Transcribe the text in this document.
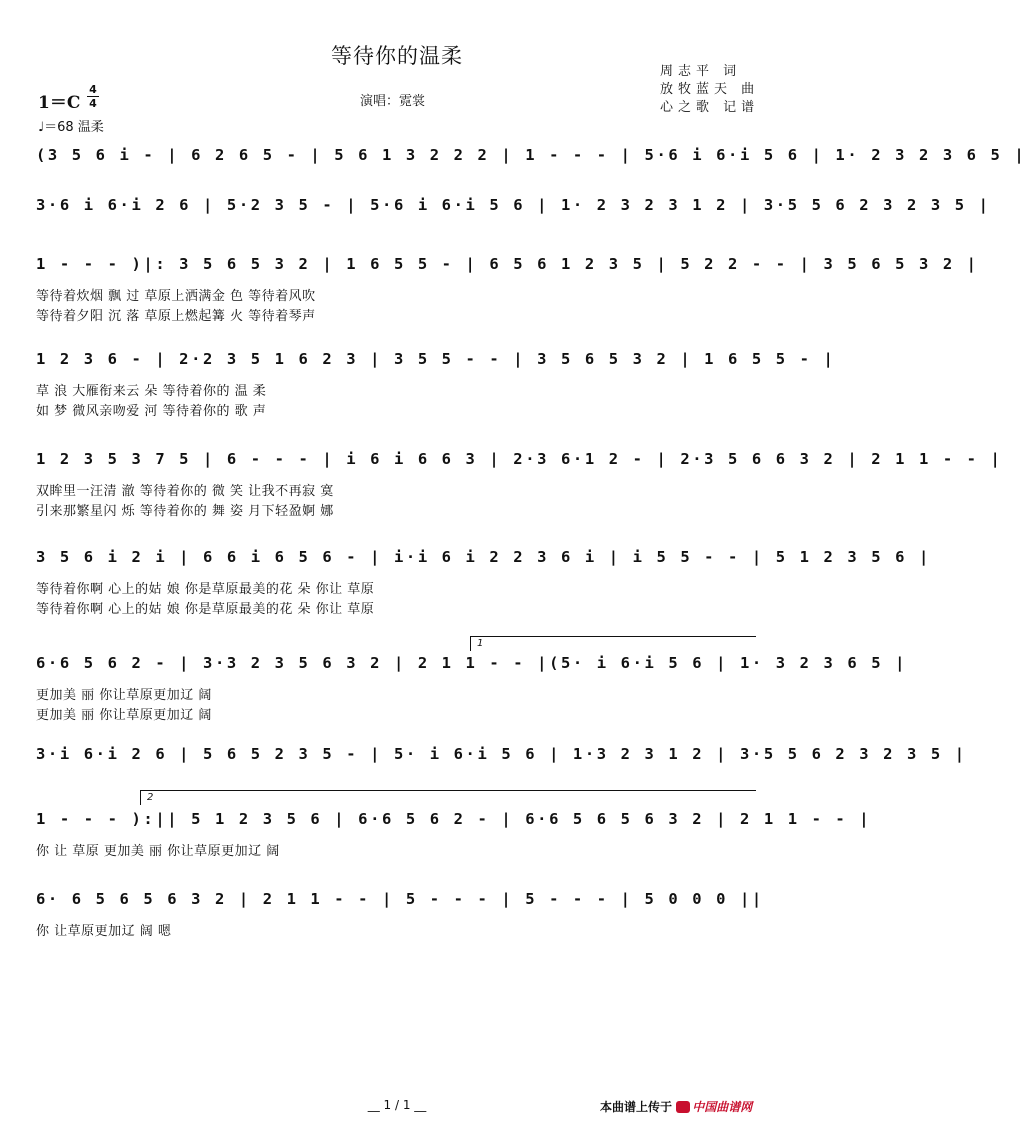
等待你的温柔
周志平 词
放牧蓝天 曲
心之歌 记谱
演唱：霓裳
1＝C
4
4
♩＝68 温柔
(3 5 6 i - | 6 2 6 5 - | 5 6 1 3 2 2 2 | 1 - - - | 5·6 i 6·i 5 6 | 1· 2 3 2 3 6 5 |
3·6 i 6·i 2 6 | 5·2 3 5 - | 5·6 i 6·i 5 6 | 1· 2 3 2 3 1 2 | 3·5 5 6 2 3 2 3 5 |
1 - - - )|: 3 5 6 5 3 2 | 1 6 5 5 - | 6 5 6 1 2 3 5 | 5 2 2 - - | 3 5 6 5 3 2 |
等待着炊烟 飘 过 草原上洒满金 色 等待着风吹
等待着夕阳 沉 落 草原上燃起篝 火 等待着琴声
1 2 3 6 - | 2·2 3 5 1 6 2 3 | 3 5 5 - - | 3 5 6 5 3 2 | 1 6 5 5 - |
草 浪 大雁衔来云 朵 等待着你的 温 柔
如 梦 微风亲吻爱 河 等待着你的 歌 声
1 2 3 5 3 7 5 | 6 - - - | i 6 i 6 6 3 | 2·3 6·1 2 - | 2·3 5 6 6 3 2 | 2 1 1 - - |
双眸里一汪清 澈 等待着你的 微 笑 让我不再寂 寞
引来那繁星闪 烁 等待着你的 舞 姿 月下轻盈婀 娜
3 5 6 i 2 i | 6 6 i 6 5 6 - | i·i 6 i 2 2 3 6 i | i 5 5 - - | 5 1 2 3 5 6 |
等待着你啊 心上的姑 娘 你是草原最美的花 朵 你让 草原
等待着你啊 心上的姑 娘 你是草原最美的花 朵 你让 草原
6·6 5 6 2 - | 3·3 2 3 5 6 3 2 | 2 1 1 - - |(5· i 6·i 5 6 | 1· 3 2 3 6 5 |
更加美 丽 你让草原更加辽 阔
更加美 丽 你让草原更加辽 阔
3·i 6·i 2 6 | 5 6 5 2 3 5 - | 5· i 6·i 5 6 | 1·3 2 3 1 2 | 3·5 5 6 2 3 2 3 5 |
1 - - - ):|| 5 1 2 3 5 6 | 6·6 5 6 2 - | 6·6 5 6 5 6 3 2 | 2 1 1 - - |
你 让 草原 更加美 丽 你让草原更加辽 阔
6· 6 5 6 5 6 3 2 | 2 1 1 - - | 5 - - - | 5 - - - | 5 0 0 0 ||
你 让草原更加辽 阔 嗯
1
2
__ 1 / 1 __	本曲谱上传于 中国曲谱网
